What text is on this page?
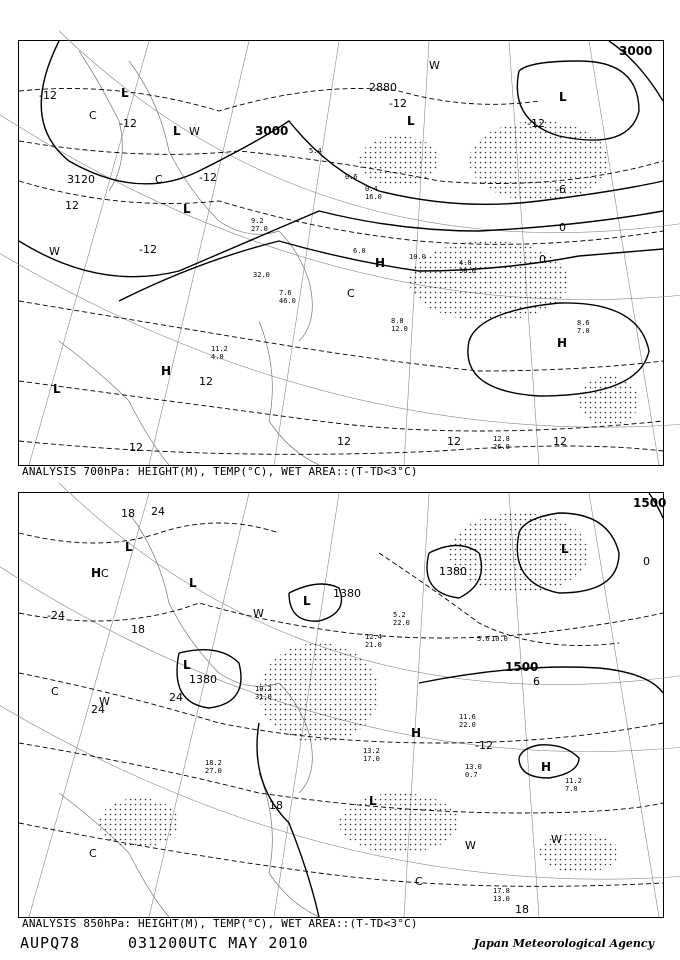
3000
3000
3120
2880
-12
-12
-12
-12
-12
-12
12
12
12	12	12	12
-6
0
0
L
L
L
L
L
L
H
H
H
C
C
C
W
W
W
5.4
0.6
0.4
16.0
9.2
27.0
32.0
7.6
46.0
6.0
10.0
4.0
38.0
8.8
12.0
8.6
7.0
12.8
26.0
11.2
4.0
ANALYSIS 700hPa: HEIGHT(M), TEMP(°C), WET AREA::(T-TD<3°C)
1500
1500
1380
1380
1380
24
24
24
18
18
18
18
-24
0
6
-12
L
L
L
L
L
L
H
H
H
C
C
C
C
W
W
W	W
19.2
31.0
13.2
17.0
5.2
22.0
12.4
21.0
5.6 10.0
11.6
22.0
13.0
0.7
17.8
13.0
11.2
7.0
18.2
27.0
ANALYSIS 850hPa: HEIGHT(M), TEMP(°C), WET AREA::(T-TD<3°C)
AUPQ78	031200UTC MAY 2010	Japan Meteorological Agency
